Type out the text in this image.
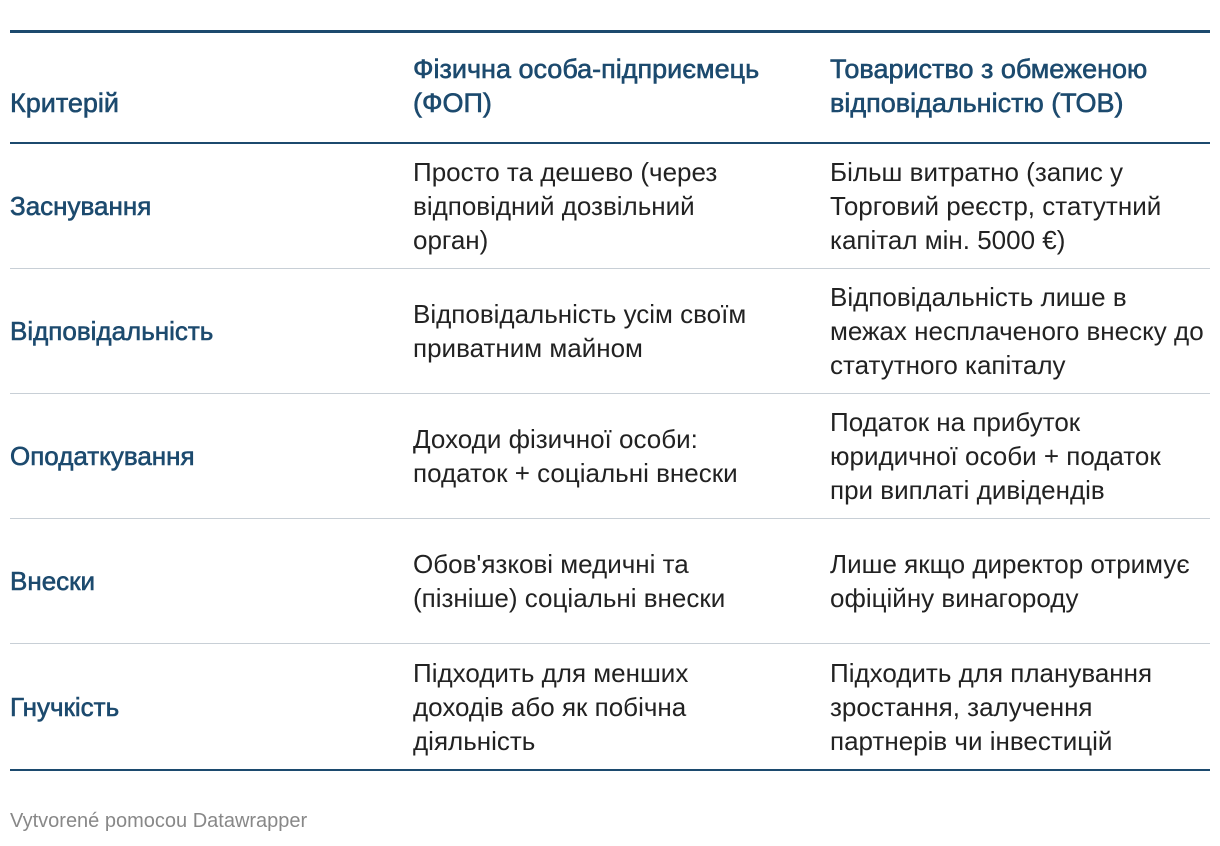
Критерій
Фізична особа-підприємець (ФОП)
Товариство з обмеженою відповідальністю (ТОВ)
Заснування
Просто та дешево (через відповідний дозвільний орган)
Більш витратно (запис у Торговий реєстр, статутний капітал мін. 5000 €)
Відповідальність
Відповідальність усім своїм приватним майном
Відповідальність лише в межах несплаченого внеску до статутного капіталу
Оподаткування
Доходи фізичної особи: податок + соціальні внески
Податок на прибуток юридичної особи + податок при виплаті дивідендів
Внески
Обов'язкові медичні та (пізніше) соціальні внески
Лише якщо директор отримує офіційну винагороду
Гнучкість
Підходить для менших доходів або як побічна діяльність
Підходить для планування зростання, залучення партнерів чи інвестицій
Vytvorené pomocou Datawrapper
